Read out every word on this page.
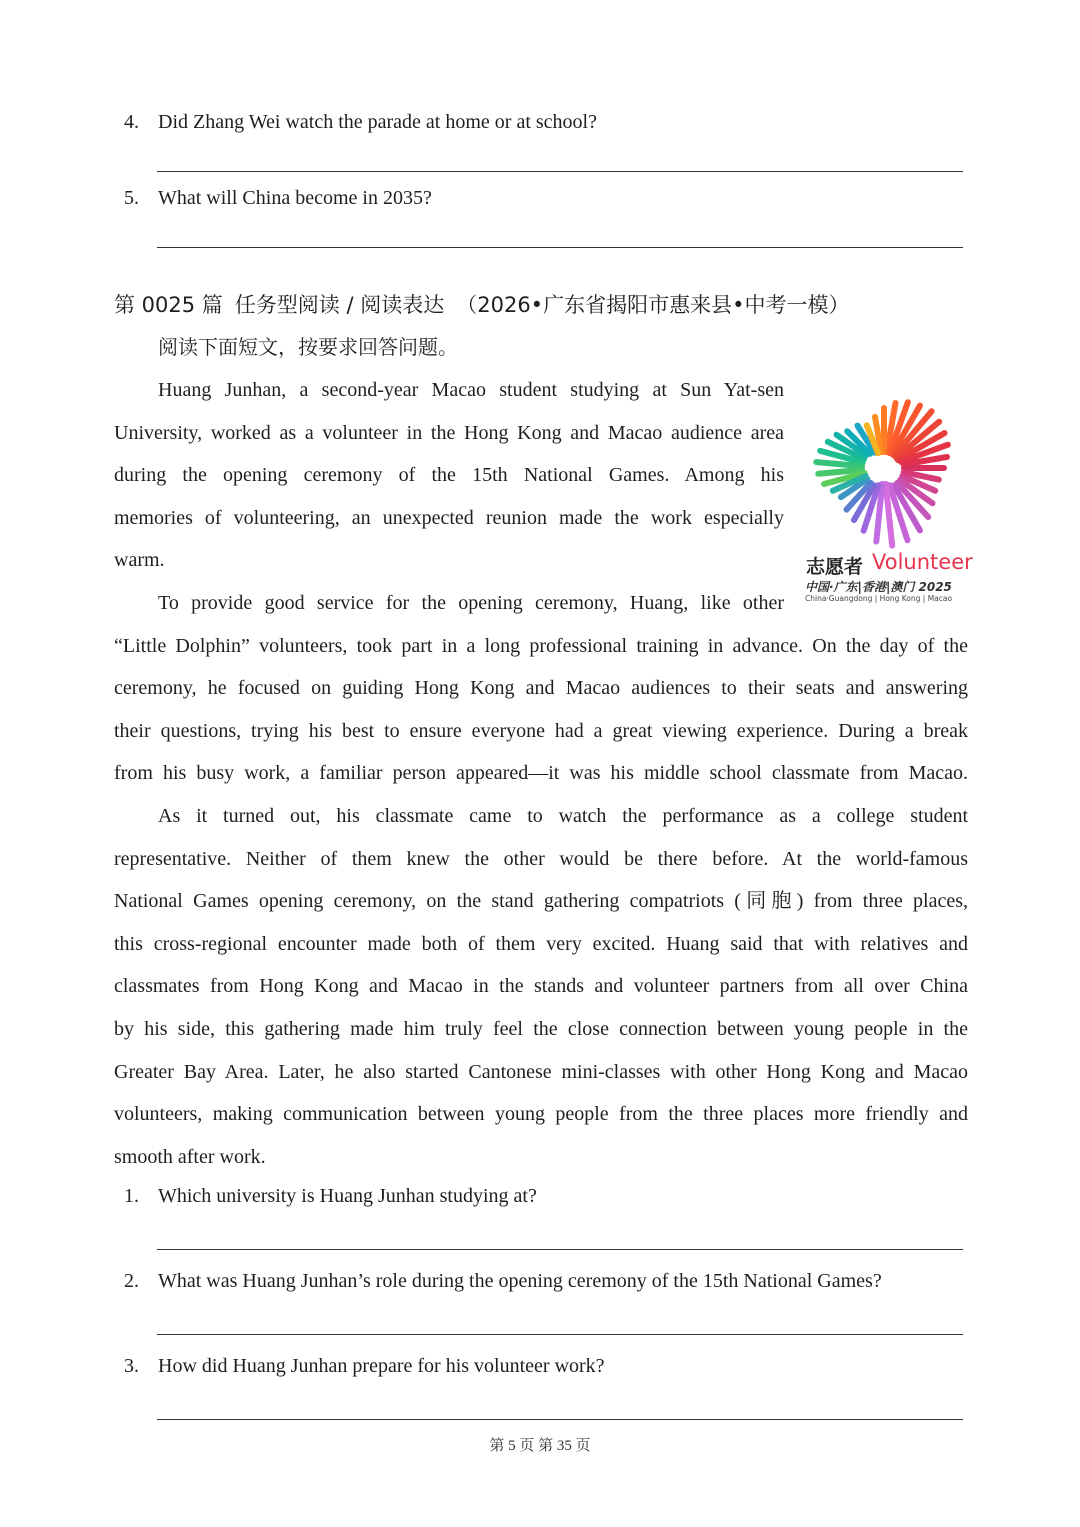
4. Did Zhang Wei watch the parade at home or at school?
5. What will China become in 2035?
第 0025 篇 任务型阅读 / 阅读表达 （2026•广东省揭阳市惠来县•中考一模）
阅读下面短文，按要求回答问题。
Huang Junhan, a second-year Macao student studying at Sun Yat-sen
University, worked as a volunteer in the Hong Kong and Macao audience area
during the opening ceremony of the 15th National Games. Among his
memories of volunteering, an unexpected reunion made the work especially
warm.
To provide good service for the opening ceremony, Huang, like other
“Little Dolphin” volunteers, took part in a long professional training in advance. On the day of the
ceremony, he focused on guiding Hong Kong and Macao audiences to their seats and answering
their questions, trying his best to ensure everyone had a great viewing experience. During a break
from his busy work, a familiar person appeared—it was his middle school classmate from Macao.
As it turned out, his classmate came to watch the performance as a college student
representative. Neither of them knew the other would be there before. At the world-famous
National Games opening ceremony, on the stand gathering compatriots (同胞) from three places,
this cross-regional encounter made both of them very excited. Huang said that with relatives and
classmates from Hong Kong and Macao in the stands and volunteer partners from all over China
by his side, this gathering made him truly feel the close connection between young people in the
Greater Bay Area. Later, he also started Cantonese mini-classes with other Hong Kong and Macao
volunteers, making communication between young people from the three places more friendly and
smooth after work.
志愿者 Volunteer
中国·广东|香港|澳门 2025
China·Guangdong | Hong Kong | Macao
1. Which university is Huang Junhan studying at?
2. What was Huang Junhan’s role during the opening ceremony of the 15th National Games?
3. How did Huang Junhan prepare for his volunteer work?
第 5 页 第 35 页
